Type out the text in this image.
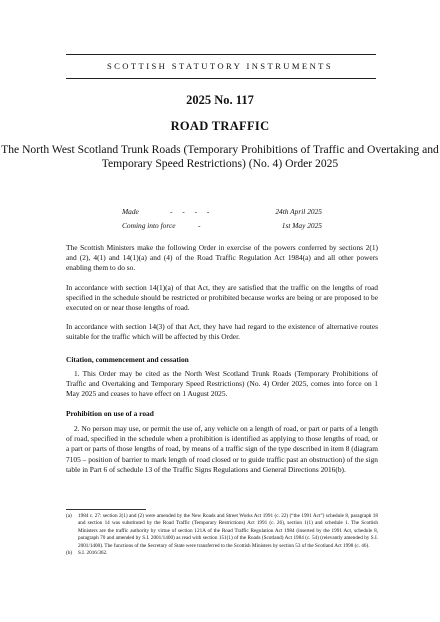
SCOTTISH STATUTORY INSTRUMENTS
2025 No. 117
ROAD TRAFFIC
The North West Scotland Trunk Roads (Temporary Prohibitions of Traffic and Overtaking and Temporary Speed Restrictions) (No. 4) Order 2025
Made	- - - -	24th April 2025
Coming into force	-	1st May 2025
The Scottish Ministers make the following Order in exercise of the powers conferred by sections 2(1) and (2), 4(1) and 14(1)(a) and (4) of the Road Traffic Regulation Act 1984(a) and all other powers enabling them to do so.
In accordance with section 14(1)(a) of that Act, they are satisfied that the traffic on the lengths of road specified in the schedule should be restricted or prohibited because works are being or are proposed to be executed on or near those lengths of road.
In accordance with section 14(3) of that Act, they have had regard to the existence of alternative routes suitable for the traffic which will be affected by this Order.
Citation, commencement and cessation
1. This Order may be cited as the North West Scotland Trunk Roads (Temporary Prohibitions of Traffic and Overtaking and Temporary Speed Restrictions) (No. 4) Order 2025, comes into force on 1 May 2025 and ceases to have effect on 1 August 2025.
Prohibition on use of a road
2. No person may use, or permit the use of, any vehicle on a length of road, or part or parts of a length of road, specified in the schedule when a prohibition is identified as applying to those lengths of road, or a part or parts of those lengths of road, by means of a traffic sign of the type described in item 8 (diagram 7105 – position of barrier to mark length of road closed or to guide traffic past an obstruction) of the sign table in Part 6 of schedule 13 of the Traffic Signs Regulations and General Directions 2016(b).
(a) 1984 c. 27: section 2(1) and (2) were amended by the New Roads and Street Works Act 1991 (c. 22) (“the 1991 Act”) schedule 8, paragraph 18 and section 14 was substituted by the Road Traffic (Temporary Restrictions) Act 1991 (c. 26), section 1(1) and schedule 1. The Scottish Ministers are the traffic authority by virtue of section 121A of the Road Traffic Regulation Act 1984 (inserted by the 1991 Act, schedule 8, paragraph 70 and amended by S.I. 2001/1400) as read with section 151(1) of the Roads (Scotland) Act 1984 (c. 54) (relevantly amended by S.I. 2001/1400). The functions of the Secretary of State were transferred to the Scottish Ministers by section 53 of the Scotland Act 1998 (c. 46).
(b) S.I. 2016/362.
